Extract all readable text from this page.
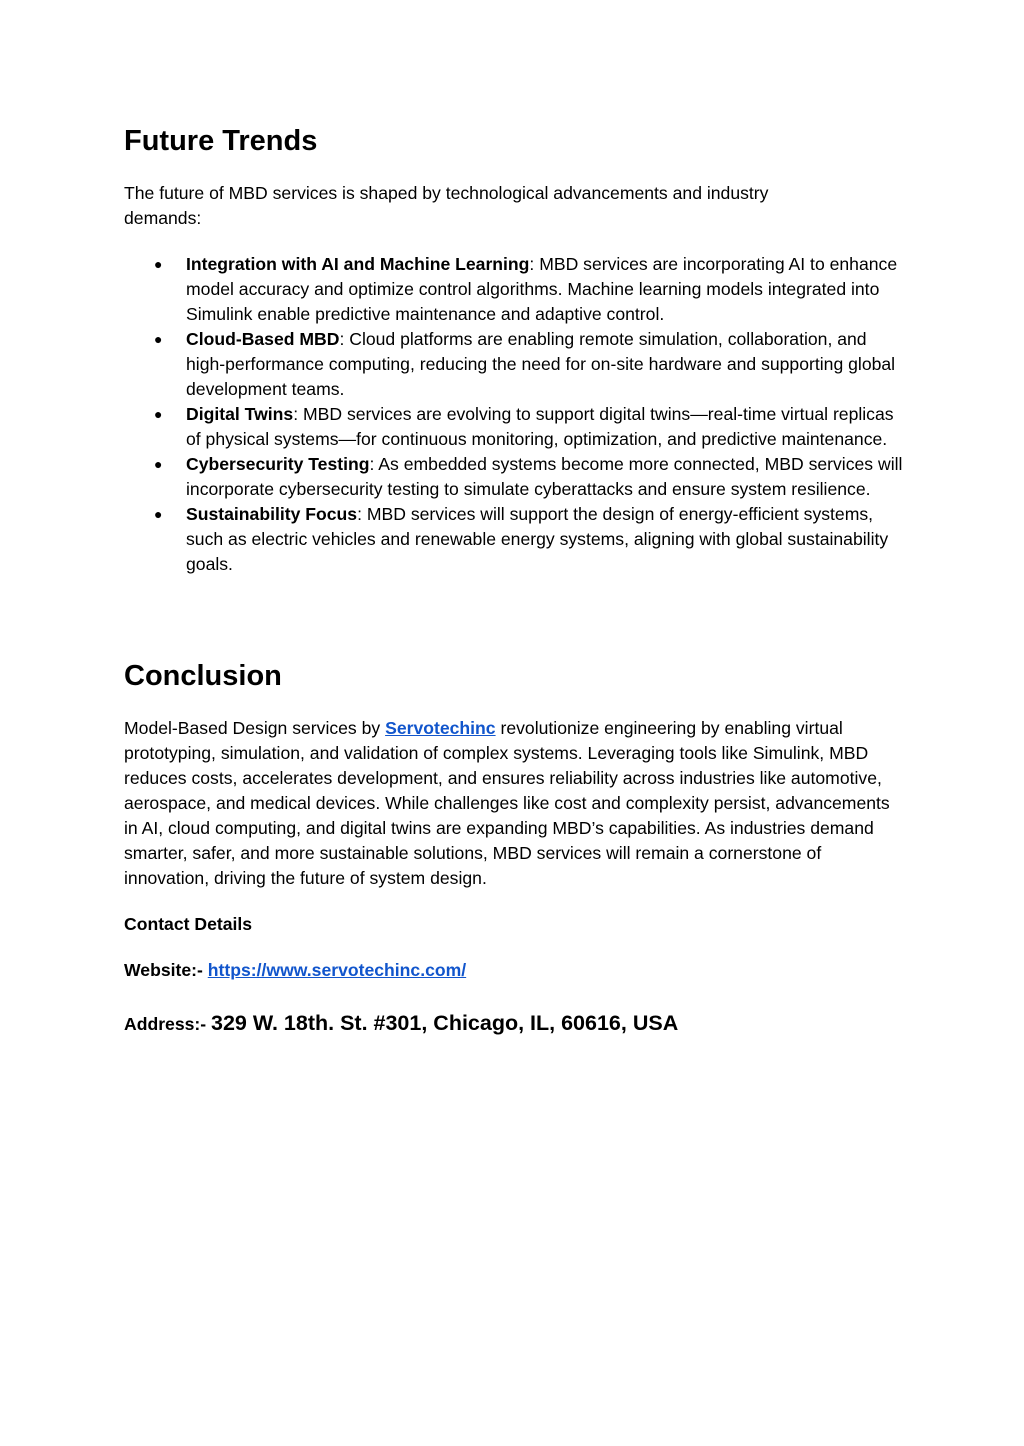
Future Trends

The future of MBD services is shaped by technological advancements and industry demands:

● Integration with AI and Machine Learning: MBD services are incorporating AI to enhance model accuracy and optimize control algorithms. Machine learning models integrated into Simulink enable predictive maintenance and adaptive control.
● Cloud-Based MBD: Cloud platforms are enabling remote simulation, collaboration, and high-performance computing, reducing the need for on-site hardware and supporting global development teams.
● Digital Twins: MBD services are evolving to support digital twins—real-time virtual replicas of physical systems—for continuous monitoring, optimization, and predictive maintenance.
● Cybersecurity Testing: As embedded systems become more connected, MBD services will incorporate cybersecurity testing to simulate cyberattacks and ensure system resilience.
● Sustainability Focus: MBD services will support the design of energy-efficient systems, such as electric vehicles and renewable energy systems, aligning with global sustainability goals.
Conclusion

Model-Based Design services by Servotechinc revolutionize engineering by enabling virtual prototyping, simulation, and validation of complex systems. Leveraging tools like Simulink, MBD reduces costs, accelerates development, and ensures reliability across industries like automotive, aerospace, and medical devices. While challenges like cost and complexity persist, advancements in AI, cloud computing, and digital twins are expanding MBD’s capabilities. As industries demand smarter, safer, and more sustainable solutions, MBD services will remain a cornerstone of innovation, driving the future of system design.

Contact Details

Website:- https://www.servotechinc.com/

Address:- 329 W. 18th. St. #301, Chicago, IL, 60616, USA
